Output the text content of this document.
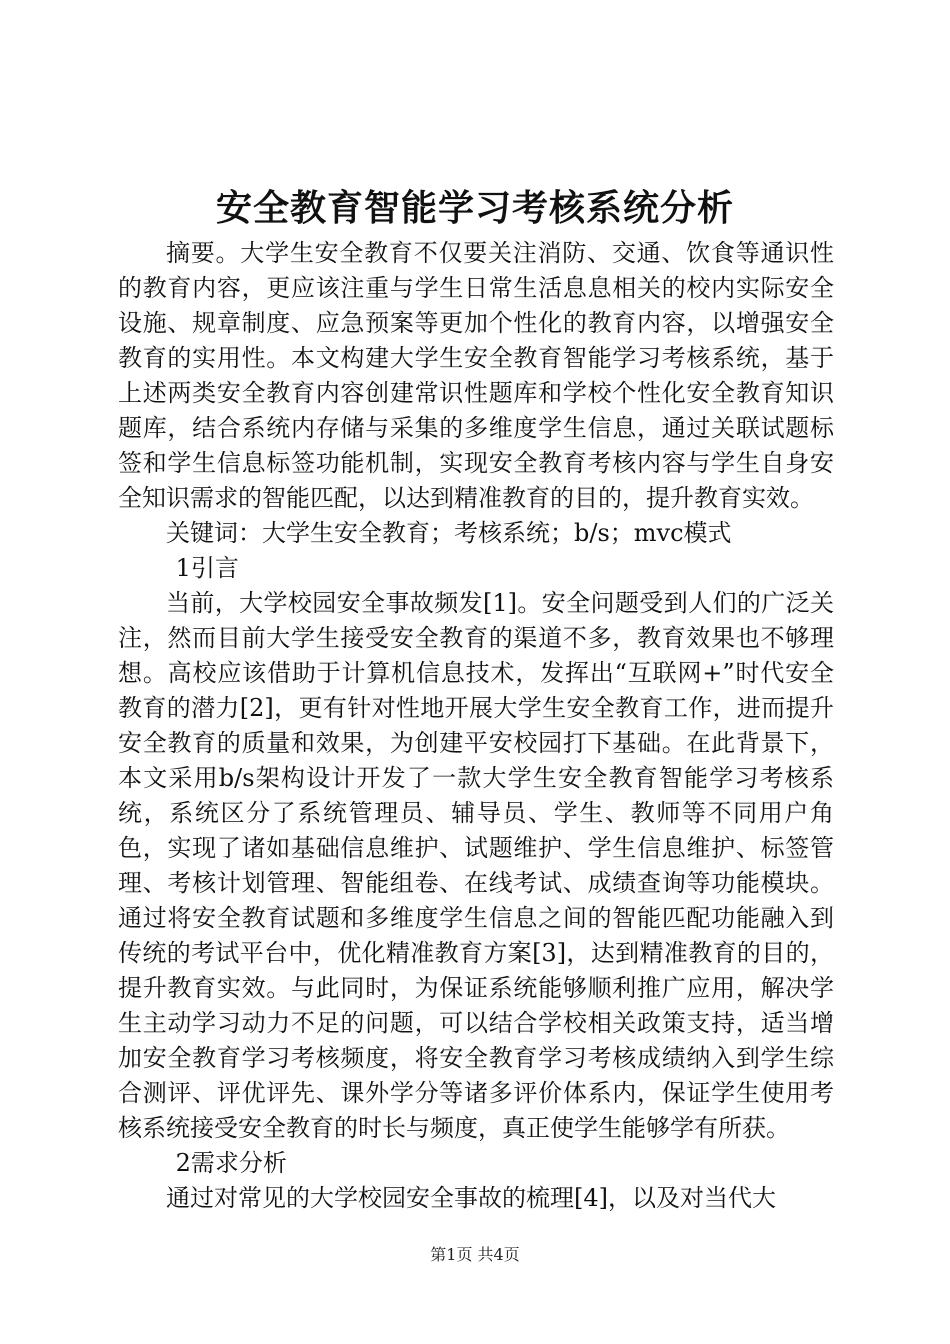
安全教育智能学习考核系统分析

摘要。大学生安全教育不仅要关注消防、交通、饮食等通识性的教育内容，更应该注重与学生日常生活息息相关的校内实际安全设施、规章制度、应急预案等更加个性化的教育内容，以增强安全教育的实用性。本文构建大学生安全教育智能学习考核系统，基于上述两类安全教育内容创建常识性题库和学校个性化安全教育知识题库，结合系统内存储与采集的多维度学生信息，通过关联试题标签和学生信息标签功能机制，实现安全教育考核内容与学生自身安全知识需求的智能匹配，以达到精准教育的目的，提升教育实效。

关键词：大学生安全教育；考核系统；b/s；mvc模式

1引言

当前，大学校园安全事故频发[1]。安全问题受到人们的广泛关注，然而目前大学生接受安全教育的渠道不多，教育效果也不够理想。高校应该借助于计算机信息技术，发挥出“互联网+”时代安全教育的潜力[2]，更有针对性地开展大学生安全教育工作，进而提升安全教育的质量和效果，为创建平安校园打下基础。在此背景下，本文采用b/s架构设计开发了一款大学生安全教育智能学习考核系统，系统区分了系统管理员、辅导员、学生、教师等不同用户角色，实现了诸如基础信息维护、试题维护、学生信息维护、标签管理、考核计划管理、智能组卷、在线考试、成绩查询等功能模块。通过将安全教育试题和多维度学生信息之间的智能匹配功能融入到传统的考试平台中，优化精准教育方案[3]，达到精准教育的目的，提升教育实效。与此同时，为保证系统能够顺利推广应用，解决学生主动学习动力不足的问题，可以结合学校相关政策支持，适当增加安全教育学习考核频度，将安全教育学习考核成绩纳入到学生综合测评、评优评先、课外学分等诸多评价体系内，保证学生使用考核系统接受安全教育的时长与频度，真正使学生能够学有所获。

2需求分析

通过对常见的大学校园安全事故的梳理[4]，以及对当代大

第1页 共4页
